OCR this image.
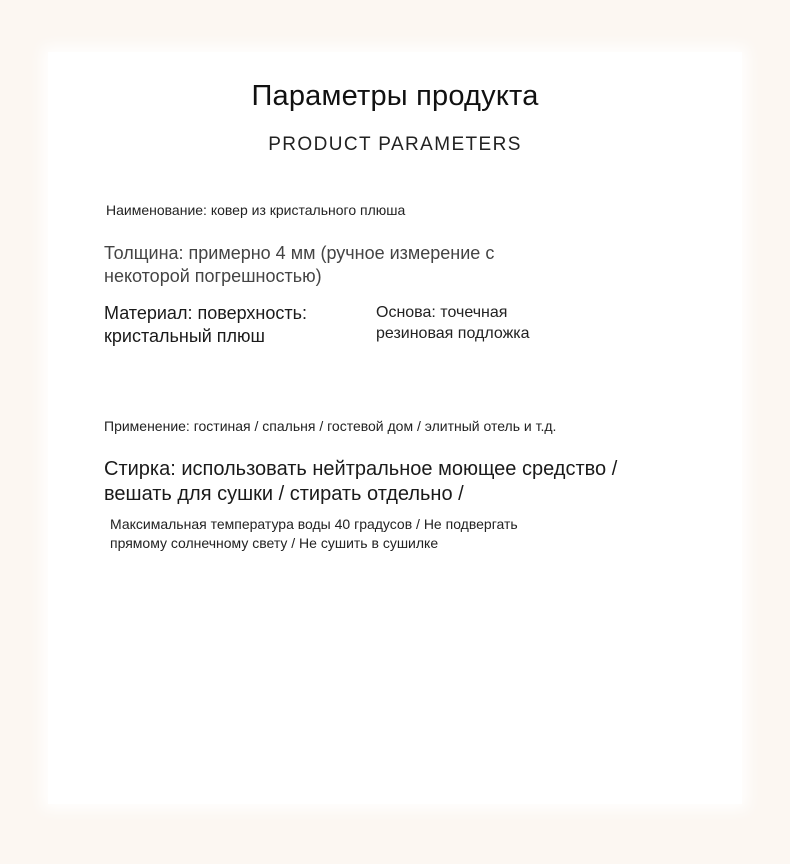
Параметры продукта
PRODUCT PARAMETERS
Наименование: ковер из кристального плюша
Толщина: примерно 4 мм (ручное измерение с
некоторой погрешностью)
Материал: поверхность:
кристальный плюш
Основа: точечная
резиновая подложка
Применение: гостиная / спальня / гостевой дом / элитный отель и т.д.
Стирка: использовать нейтральное моющее средство /
вешать для сушки / стирать отдельно /
Максимальная температура воды 40 градусов / Не подвергать
прямому солнечному свету / Не сушить в сушилке
